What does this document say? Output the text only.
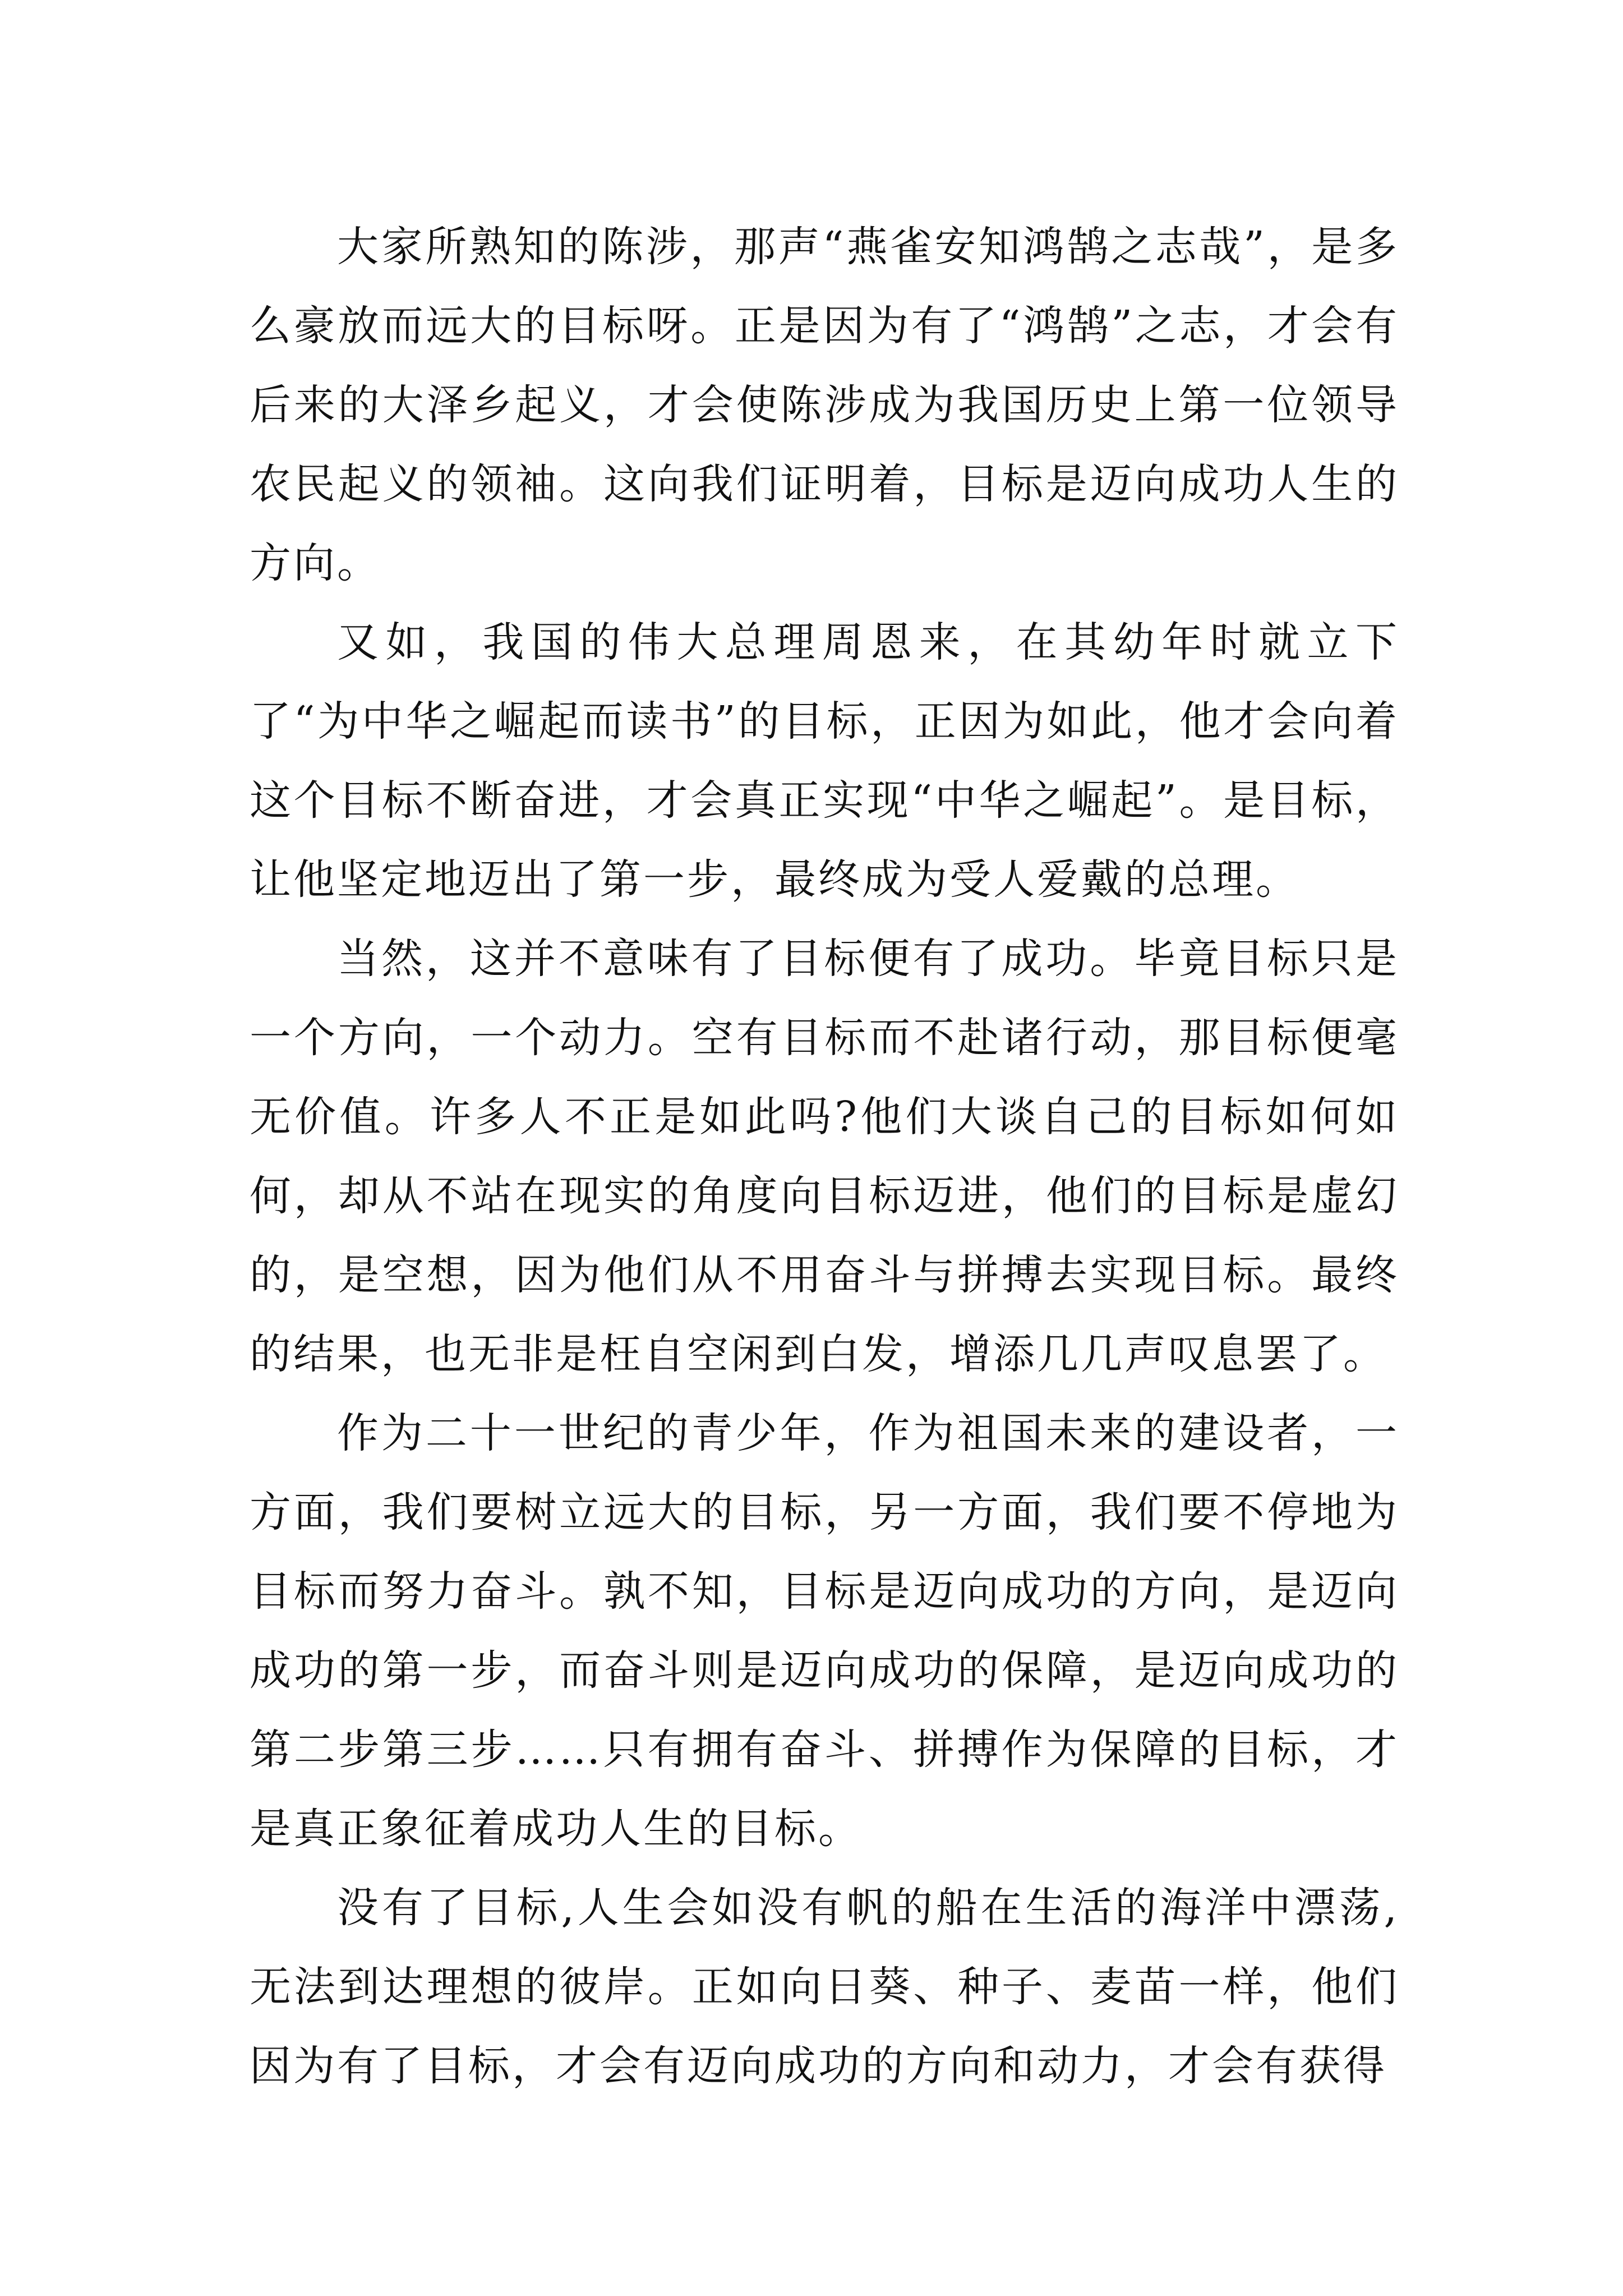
大家所熟知的陈涉，那声“燕雀安知鸿鹄之志哉”，是多么豪放而远大的目标呀。正是因为有了“鸿鹄”之志，才会有后来的大泽乡起义，才会使陈涉成为我国历史上第一位领导农民起义的领袖。这向我们证明着，目标是迈向成功人生的方向。

又如，我国的伟大总理周恩来，在其幼年时就立下了“为中华之崛起而读书”的目标，正因为如此，他才会向着这个目标不断奋进，才会真正实现“中华之崛起”。是目标，让他坚定地迈出了第一步，最终成为受人爱戴的总理。

当然，这并不意味有了目标便有了成功。毕竟目标只是一个方向，一个动力。空有目标而不赴诸行动，那目标便毫无价值。许多人不正是如此吗?他们大谈自己的目标如何如何，却从不站在现实的角度向目标迈进，他们的目标是虚幻的，是空想，因为他们从不用奋斗与拼搏去实现目标。最终的结果，也无非是枉自空闲到白发，增添几几声叹息罢了。

作为二十一世纪的青少年，作为祖国未来的建设者，一方面，我们要树立远大的目标，另一方面，我们要不停地为目标而努力奋斗。孰不知，目标是迈向成功的方向，是迈向成功的第一步，而奋斗则是迈向成功的保障，是迈向成功的第二步第三步……只有拥有奋斗、拼搏作为保障的目标，才是真正象征着成功人生的目标。

没有了目标,人生会如没有帆的船在生活的海洋中漂荡,无法到达理想的彼岸。正如向日葵、种子、麦苗一样，他们因为有了目标，才会有迈向成功的方向和动力，才会有获得
